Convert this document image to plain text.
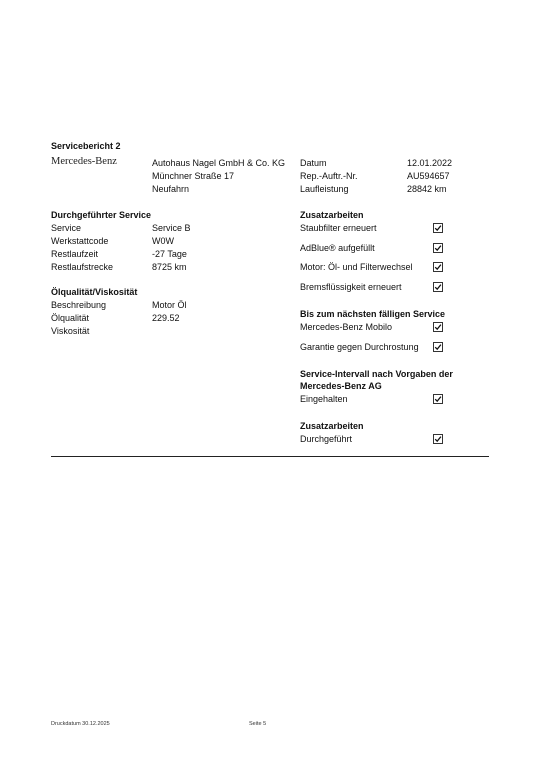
Servicebericht 2
Mercedes-Benz	Autohaus Nagel GmbH & Co. KG
Münchner Straße 17
Neufahrn
Datum	12.01.2022
Rep.-Auftr.-Nr.	AU594657
Laufleistung	28842 km
Durchgeführter Service
Service	Service B
Werkstattcode	W0W
Restlaufzeit	-27 Tage
Restlaufstrecke	8725 km
Ölqualität/Viskosität
Beschreibung	Motor Öl
Ölqualität	229.52
Viskosität
Zusatzarbeiten
Staubfilter erneuert
AdBlue® aufgefüllt
Motor: Öl- und Filterwechsel
Bremsflüssigkeit erneuert
Bis zum nächsten fälligen Service
Mercedes-Benz Mobilo
Garantie gegen Durchrostung
Service-Intervall nach Vorgaben der
Mercedes-Benz AG
Eingehalten
Zusatzarbeiten
Durchgeführt
Druckdatum 30.12.2025	Seite 5
